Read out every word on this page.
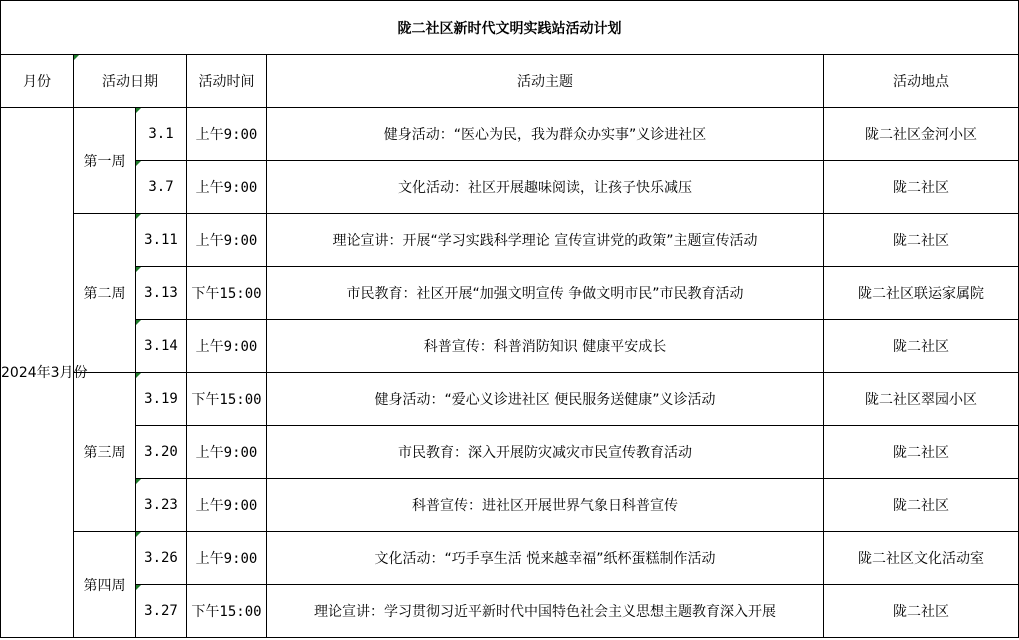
陇二社区新时代文明实践站活动计划					
月份	活动日期		活动时间	活动主题	活动地点
2024年3月份	第一周	3.1	上午9:00	健身活动：“医心为民，我为群众办实事”义诊进社区	陇二社区金河小区

3.7	上午9:00	文化活动：社区开展趣味阅读，让孩子快乐减压	陇二社区
	第二周	3.11	上午9:00	理论宣讲：开展“学习实践科学理论 宣传宣讲党的政策”主题宣传活动	陇二社区

3.13	下午15:00	市民教育：社区开展“加强文明宣传 争做文明市民”市民教育活动	陇二社区联运家属院

3.14	上午9:00	科普宣传：科普消防知识 健康平安成长	陇二社区
	第三周	3.19	下午15:00	健身活动：“爱心义诊进社区 便民服务送健康”义诊活动	陇二社区翠园小区
		3.20	上午9:00	市民教育：深入开展防灾减灾市民宣传教育活动	陇二社区

3.23	上午9:00	科普宣传：进社区开展世界气象日科普宣传	陇二社区
	第四周	3.26	上午9:00	文化活动：“巧手享生活 悦来越幸福”纸杯蛋糕制作活动	陇二社区文化活动室

3.27	下午15:00	理论宣讲：学习贯彻习近平新时代中国特色社会主义思想主题教育深入开展	陇二社区
